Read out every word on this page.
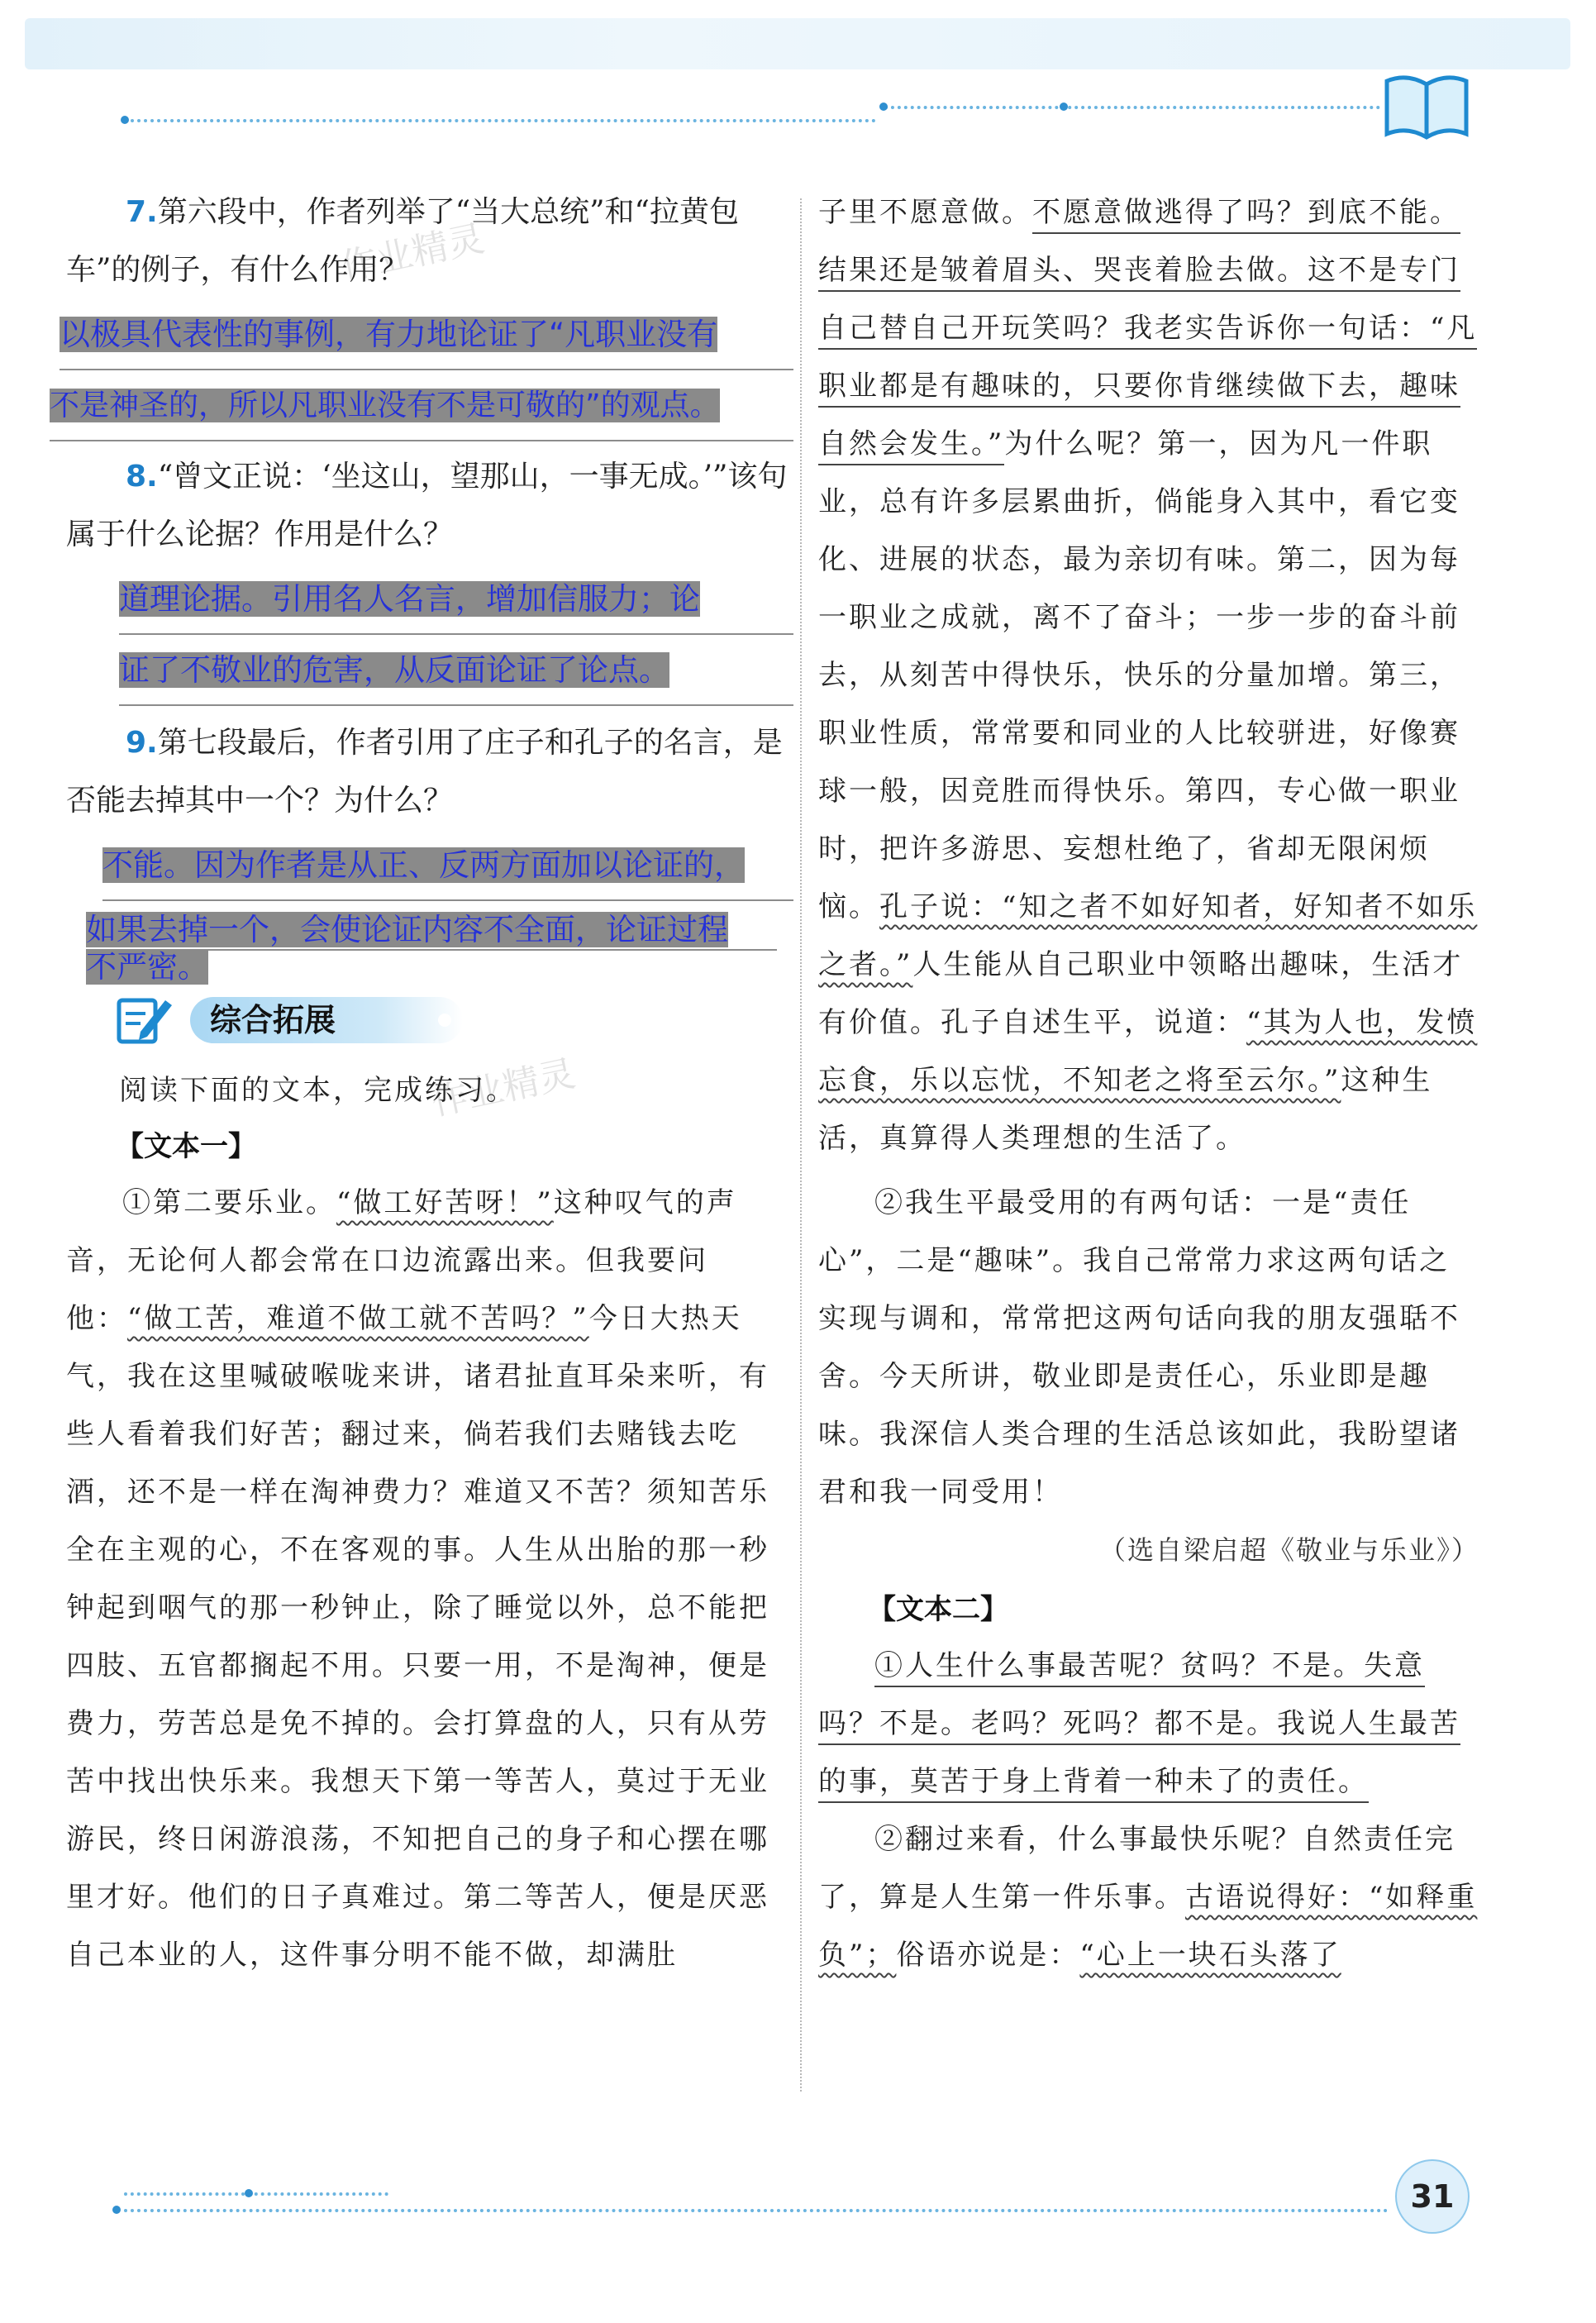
作业精灵
作业精灵

7.第六段中，作者列举了“当大总统”和“拉黄包车”的例子，有什么作用？

以极具代表性的事例，有力地论证了“凡职业没有
不是神圣的，所以凡职业没有不是可敬的”的观点。

8.“曾文正说：‘坐这山，望那山，一事无成。’”该句属于什么论据？作用是什么？

道理论据。引用名人名言，增加信服力；论
证了不敬业的危害，从反面论证了论点。

9.第七段最后，作者引用了庄子和孔子的名言，是否能去掉其中一个？为什么？

不能。因为作者是从正、反两方面加以论证的，
如果去掉一个，会使论证内容不全面，论证过程
不严密。
综合拓展

阅读下面的文本，完成练习。

【文本一】

①第二要乐业。“做工好苦呀！”这种叹气的声音，无论何人都会常在口边流露出来。但我要问他：“做工苦，难道不做工就不苦吗？”今日大热天气，我在这里喊破喉咙来讲，诸君扯直耳朵来听，有些人看着我们好苦；翻过来，倘若我们去赌钱去吃酒，还不是一样在淘神费力？难道又不苦？须知苦乐全在主观的心，不在客观的事。人生从出胎的那一秒钟起到咽气的那一秒钟止，除了睡觉以外，总不能把四肢、五官都搁起不用。只要一用，不是淘神，便是费力，劳苦总是免不掉的。会打算盘的人，只有从劳苦中找出快乐来。我想天下第一等苦人，莫过于无业游民，终日闲游浪荡，不知把自己的身子和心摆在哪里才好。他们的日子真难过。第二等苦人，便是厌恶自己本业的人，这件事分明不能不做，却满肚

子里不愿意做。不愿意做逃得了吗？到底不能。结果还是皱着眉头、哭丧着脸去做。这不是专门自己替自己开玩笑吗？我老实告诉你一句话：“凡职业都是有趣味的，只要你肯继续做下去，趣味自然会发生。”为什么呢？第一，因为凡一件职业，总有许多层累曲折，倘能身入其中，看它变化、进展的状态，最为亲切有味。第二，因为每一职业之成就，离不了奋斗；一步一步的奋斗前去，从刻苦中得快乐，快乐的分量加增。第三，职业性质，常常要和同业的人比较骈进，好像赛球一般，因竞胜而得快乐。第四，专心做一职业时，把许多游思、妄想杜绝了，省却无限闲烦恼。孔子说：“知之者不如好知者，好知者不如乐之者。”人生能从自己职业中领略出趣味，生活才有价值。孔子自述生平，说道：“其为人也，发愤忘食，乐以忘忧，不知老之将至云尔。”这种生活，真算得人类理想的生活了。

②我生平最受用的有两句话：一是“责任心”，二是“趣味”。我自己常常力求这两句话之实现与调和，常常把这两句话向我的朋友强聒不舍。今天所讲，敬业即是责任心，乐业即是趣味。我深信人类合理的生活总该如此，我盼望诸君和我一同受用！

（选自梁启超《敬业与乐业》）

【文本二】

①人生什么事最苦呢？贫吗？不是。失意吗？不是。老吗？死吗？都不是。我说人生最苦的事，莫苦于身上背着一种未了的责任。

②翻过来看，什么事最快乐呢？自然责任完了，算是人生第一件乐事。古语说得好：“如释重负”；俗语亦说是：“心上一块石头落了

31
